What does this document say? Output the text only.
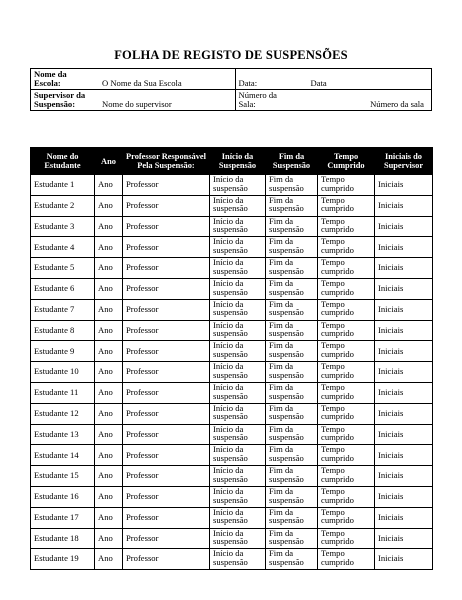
FOLHA DE REGISTO DE SUSPENSÕES
Nome da Escola: O Nome da Sua Escola	Data: Data

Supervisor da Suspensão: Nome do supervisor	Número da Sala: Número da sala
Nome do Estudante	Ano	Professor Responsável Pela Suspensão:	Início da Suspensão	Fim da Suspensão	Tempo Cumprido	Iniciais do Supervisor
Estudante 1	Ano	Professor	Início da suspensão	Fim da suspensão	Tempo cumprido	Iniciais
Estudante 2	Ano	Professor	Início da suspensão	Fim da suspensão	Tempo cumprido	Iniciais
Estudante 3	Ano	Professor	Início da suspensão	Fim da suspensão	Tempo cumprido	Iniciais
Estudante 4	Ano	Professor	Início da suspensão	Fim da suspensão	Tempo cumprido	Iniciais
Estudante 5	Ano	Professor	Início da suspensão	Fim da suspensão	Tempo cumprido	Iniciais
Estudante 6	Ano	Professor	Início da suspensão	Fim da suspensão	Tempo cumprido	Iniciais
Estudante 7	Ano	Professor	Início da suspensão	Fim da suspensão	Tempo cumprido	Iniciais
Estudante 8	Ano	Professor	Início da suspensão	Fim da suspensão	Tempo cumprido	Iniciais
Estudante 9	Ano	Professor	Início da suspensão	Fim da suspensão	Tempo cumprido	Iniciais
Estudante 10	Ano	Professor	Início da suspensão	Fim da suspensão	Tempo cumprido	Iniciais
Estudante 11	Ano	Professor	Início da suspensão	Fim da suspensão	Tempo cumprido	Iniciais
Estudante 12	Ano	Professor	Início da suspensão	Fim da suspensão	Tempo cumprido	Iniciais
Estudante 13	Ano	Professor	Início da suspensão	Fim da suspensão	Tempo cumprido	Iniciais
Estudante 14	Ano	Professor	Início da suspensão	Fim da suspensão	Tempo cumprido	Iniciais
Estudante 15	Ano	Professor	Início da suspensão	Fim da suspensão	Tempo cumprido	Iniciais
Estudante 16	Ano	Professor	Início da suspensão	Fim da suspensão	Tempo cumprido	Iniciais
Estudante 17	Ano	Professor	Início da suspensão	Fim da suspensão	Tempo cumprido	Iniciais
Estudante 18	Ano	Professor	Início da suspensão	Fim da suspensão	Tempo cumprido	Iniciais
Estudante 19	Ano	Professor	Início da suspensão	Fim da suspensão	Tempo cumprido	Iniciais
